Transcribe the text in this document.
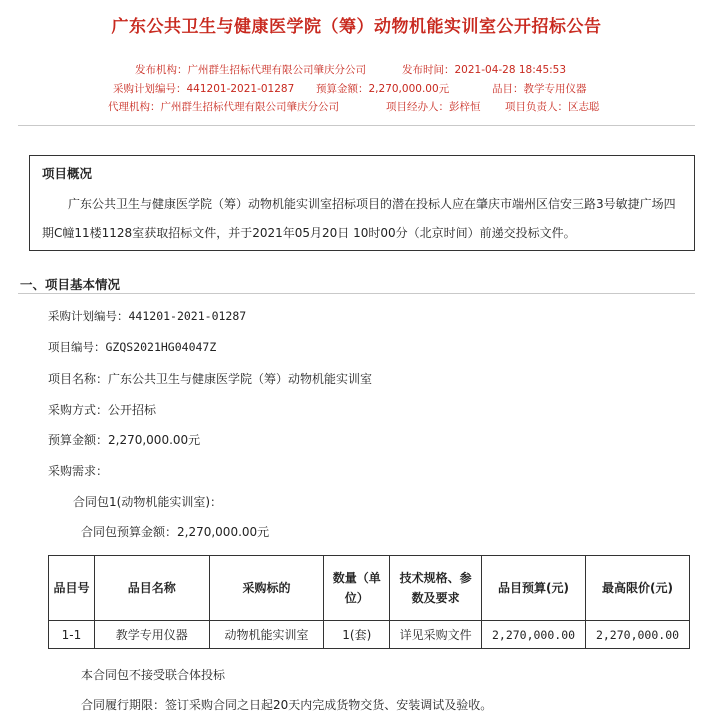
广东公共卫生与健康医学院（筹）动物机能实训室公开招标公告
发布机构：广州群生招标代理有限公司肇庆分公司	发布时间：2021-04-28 18:45:53
采购计划编号：441201-2021-01287 预算金额：2,270,000.00元	品目：教学专用仪器
代理机构：广州群生招标代理有限公司肇庆分公司	项目经办人：彭梓恒 项目负责人：区志聪
项目概况

广东公共卫生与健康医学院（筹）动物机能实训室招标项目的潜在投标人应在肇庆市端州区信安三路3号敏捷广场四期C幢11楼1128室获取招标文件，并于2021年05月20日 10时00分（北京时间）前递交投标文件。

一、项目基本情况
采购计划编号：441201-2021-01287
项目编号：GZQS2021HG04047Z
项目名称：广东公共卫生与健康医学院（筹）动物机能实训室
采购方式：公开招标
预算金额：2,270,000.00元
采购需求：
合同包1(动物机能实训室)：
合同包预算金额：2,270,000.00元
品目号	品目名称	采购标的	数量（单位）	技术规格、参数及要求	品目预算(元)	最高限价(元)
1-1	教学专用仪器	动物机能实训室	1(套)	详见采购文件	2,270,000.00	2,270,000.00
本合同包不接受联合体投标
合同履行期限：签订采购合同之日起20天内完成货物交货、安装调试及验收。
